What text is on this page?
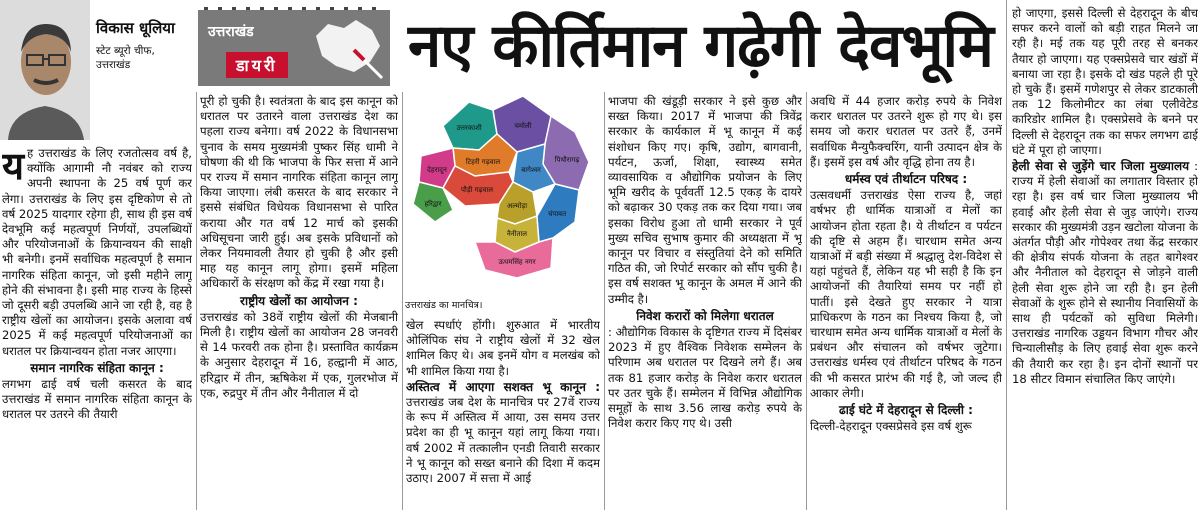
विकास धूलिया
स्टेट ब्यूरो चीफ,
उत्तराखंड
उत्तराखंड
डायरी नए कीर्तिमान गढ़ेगी देवभूमि

यह उत्तराखंड के लिए रजतोत्सव वर्ष है, क्योंकि आगामी नौ नवंबर को राज्य अपनी स्थापना के 25 वर्ष पूर्ण कर लेगा। उत्तराखंड के लिए इस दृष्टिकोण से तो वर्ष 2025 यादगार रहेगा ही, साथ ही इस वर्ष देवभूमि कई महत्वपूर्ण निर्णयों, उपलब्धियों और परियोजनाओं के क्रियान्वयन की साक्षी भी बनेगी। इनमें सर्वाधिक महत्वपूर्ण है समान नागरिक संहिता कानून, जो इसी महीने लागू होने की संभावना है। इसी माह राज्य के हिस्से जो दूसरी बड़ी उपलब्धि आने जा रही है, वह है राष्ट्रीय खेलों का आयोजन। इसके अलावा वर्ष 2025 में कई महत्वपूर्ण परियोजनाओं का धरातल पर क्रियान्वयन होता नजर आएगा।

समान नागरिक संहिता कानून :

लगभग ढाई वर्ष चली कसरत के बाद उत्तराखंड में समान नागरिक संहिता कानून के धरातल पर उतरने की तैयारी

पूरी हो चुकी है। स्वतंत्रता के बाद इस कानून को धरातल पर उतारने वाला उत्तराखंड देश का पहला राज्य बनेगा। वर्ष 2022 के विधानसभा चुनाव के समय मुख्यमंत्री पुष्कर सिंह धामी ने घोषणा की थी कि भाजपा के फिर सत्ता में आने पर राज्य में समान नागरिक संहिता कानून लागू किया जाएगा। लंबी कसरत के बाद सरकार ने इससे संबंधित विधेयक विधानसभा से पारित कराया और गत वर्ष 12 मार्च को इसकी अधिसूचना जारी हुई। अब इसके प्रविधानों को लेकर नियमावली तैयार हो चुकी है और इसी माह यह कानून लागू होगा। इसमें महिला अधिकारों के संरक्षण को केंद्र में रखा गया है।

राष्ट्रीय खेलों का आयोजन :

उत्तराखंड को 38वें राष्ट्रीय खेलों की मेजबानी मिली है। राष्ट्रीय खेलों का आयोजन 28 जनवरी से 14 फरवरी तक होना है। प्रस्तावित कार्यक्रम के अनुसार देहरादून में 16, हल्द्वानी में आठ, हरिद्वार में तीन, ऋषिकेश में एक, गुलरभोज में एक, रुद्रपुर में तीन और नैनीताल में दो

उत्तरकाशी	चमोली
टिहरी गढ़वाल	पिथौरागढ़
बागेश्वर
देहरादून
पौड़ी गढ़वाल
हरिद्वार	अल्मोड़ा
नैनीताल
चंपावत
ऊधमसिंह नगर
उत्तराखंड का मानचित्र।

खेल स्पर्धाएं होंगी। शुरुआत में भारतीय ओलिंपिक संघ ने राष्ट्रीय खेलों में 32 खेल शामिल किए थे। अब इनमें योग व मलखंब को भी शामिल किया गया है।

अस्तित्व में आएगा सशक्त भू कानून : उत्तराखंड जब देश के मानचित्र पर 27वें राज्य के रूप में अस्तित्व में आया, उस समय उत्तर प्रदेश का ही भू कानून यहां लागू किया गया। वर्ष 2002 में तत्कालीन एनडी तिवारी सरकार ने भू कानून को सख्त बनाने की दिशा में कदम उठाए। 2007 में सत्ता में आई

भाजपा की खंडूड़ी सरकार ने इसे कुछ और सख्त किया। 2017 में भाजपा की त्रिवेंद्र सरकार के कार्यकाल में भू कानून में कई संशोधन किए गए। कृषि, उद्योग, बागवानी, पर्यटन, ऊर्जा, शिक्षा, स्वास्थ्य समेत व्यावसायिक व औद्योगिक प्रयोजन के लिए भूमि खरीद के पूर्ववर्ती 12.5 एकड़ के दायरे को बढ़ाकर 30 एकड़ तक कर दिया गया। जब इसका विरोध हुआ तो धामी सरकार ने पूर्व मुख्य सचिव सुभाष कुमार की अध्यक्षता में भू कानून पर विचार व संस्तुतियां देने को समिति गठित की, जो रिपोर्ट सरकार को सौंप चुकी है। इस वर्ष सशक्त भू कानून के अमल में आने की उम्मीद है।

निवेश करारों को मिलेगा धरातल

: औद्योगिक विकास के दृष्टिगत राज्य में दिसंबर 2023 में हुए वैश्विक निवेशक सम्मेलन के परिणाम अब धरातल पर दिखने लगे हैं। अब तक 81 हजार करोड़ के निवेश करार धरातल पर उतर चुके हैं। सम्मेलन में विभिन्न औद्योगिक समूहों के साथ 3.56 लाख करोड़ रुपये के निवेश करार किए गए थे। उसी

अवधि में 44 हजार करोड़ रुपये के निवेश करार धरातल पर उतरने शुरू हो गए थे। इस समय जो करार धरातल पर उतरे हैं, उनमें सर्वाधिक मैन्युफैक्चरिंग, यानी उत्पादन क्षेत्र के हैं। इसमें इस वर्ष और वृद्धि होना तय है।

धर्मस्व एवं तीर्थाटन परिषद :

उत्सवधर्मी उत्तराखंड ऐसा राज्य है, जहां वर्षभर ही धार्मिक यात्राओं व मेलों का आयोजन होता रहता है। ये तीर्थाटन व पर्यटन की दृष्टि से अहम हैं। चारधाम समेत अन्य यात्राओं में बड़ी संख्या में श्रद्धालु देश-विदेश से यहां पहुंचते हैं, लेकिन यह भी सही है कि इन आयोजनों की तैयारियां समय पर नहीं हो पातीं। इसे देखते हुए सरकार ने यात्रा प्राधिकरण के गठन का निश्चय किया है, जो चारधाम समेत अन्य धार्मिक यात्राओं व मेलों के प्रबंधन और संचालन को वर्षभर जुटेगा। उत्तराखंड धर्मस्व एवं तीर्थाटन परिषद के गठन की भी कसरत प्रारंभ की गई है, जो जल्द ही आकार लेगी।

ढाई घंटे में देहरादून से दिल्ली :

दिल्ली-देहरादून एक्सप्रेसवे इस वर्ष शुरू

हो जाएगा, इससे दिल्ली से देहरादून के बीच सफर करने वालों को बड़ी राहत मिलने जा रही है। मई तक यह पूरी तरह से बनकर तैयार हो जाएगा। यह एक्सप्रेसवे चार खंडों में बनाया जा रहा है। इसके दो खंड पहले ही पूरे हो चुके हैं। इसमें गणेशपुर से लेकर डाटकाली तक 12 किलोमीटर का लंबा एलीवेटेड कारिडोर शामिल है। एक्सप्रेसवे के बनने पर दिल्ली से देहरादून तक का सफर लगभग ढाई घंटे में पूरा हो जाएगा।

हेली सेवा से जुड़ेंगे चार जिला मुख्यालय : राज्य में हेली सेवाओं का लगातार विस्तार हो रहा है। इस वर्ष चार जिला मुख्यालय भी हवाई और हेली सेवा से जुड़ जाएंगे। राज्य सरकार की मुख्यमंत्री उड़न खटोला योजना के अंतर्गत पौड़ी और गोपेश्वर तथा केंद्र सरकार की क्षेत्रीय संपर्क योजना के तहत बागेश्वर और नैनीताल को देहरादून से जोड़ने वाली हेली सेवा शुरू होने जा रही है। इन हेली सेवाओं के शुरू होने से स्थानीय निवासियों के साथ ही पर्यटकों को सुविधा मिलेगी। उत्तराखंड नागरिक उड्डयन विभाग गौचर और चिन्यालीसौड़ के लिए हवाई सेवा शुरू करने की तैयारी कर रहा है। इन दोनों स्थानों पर 18 सीटर विमान संचालित किए जाएंगे।
